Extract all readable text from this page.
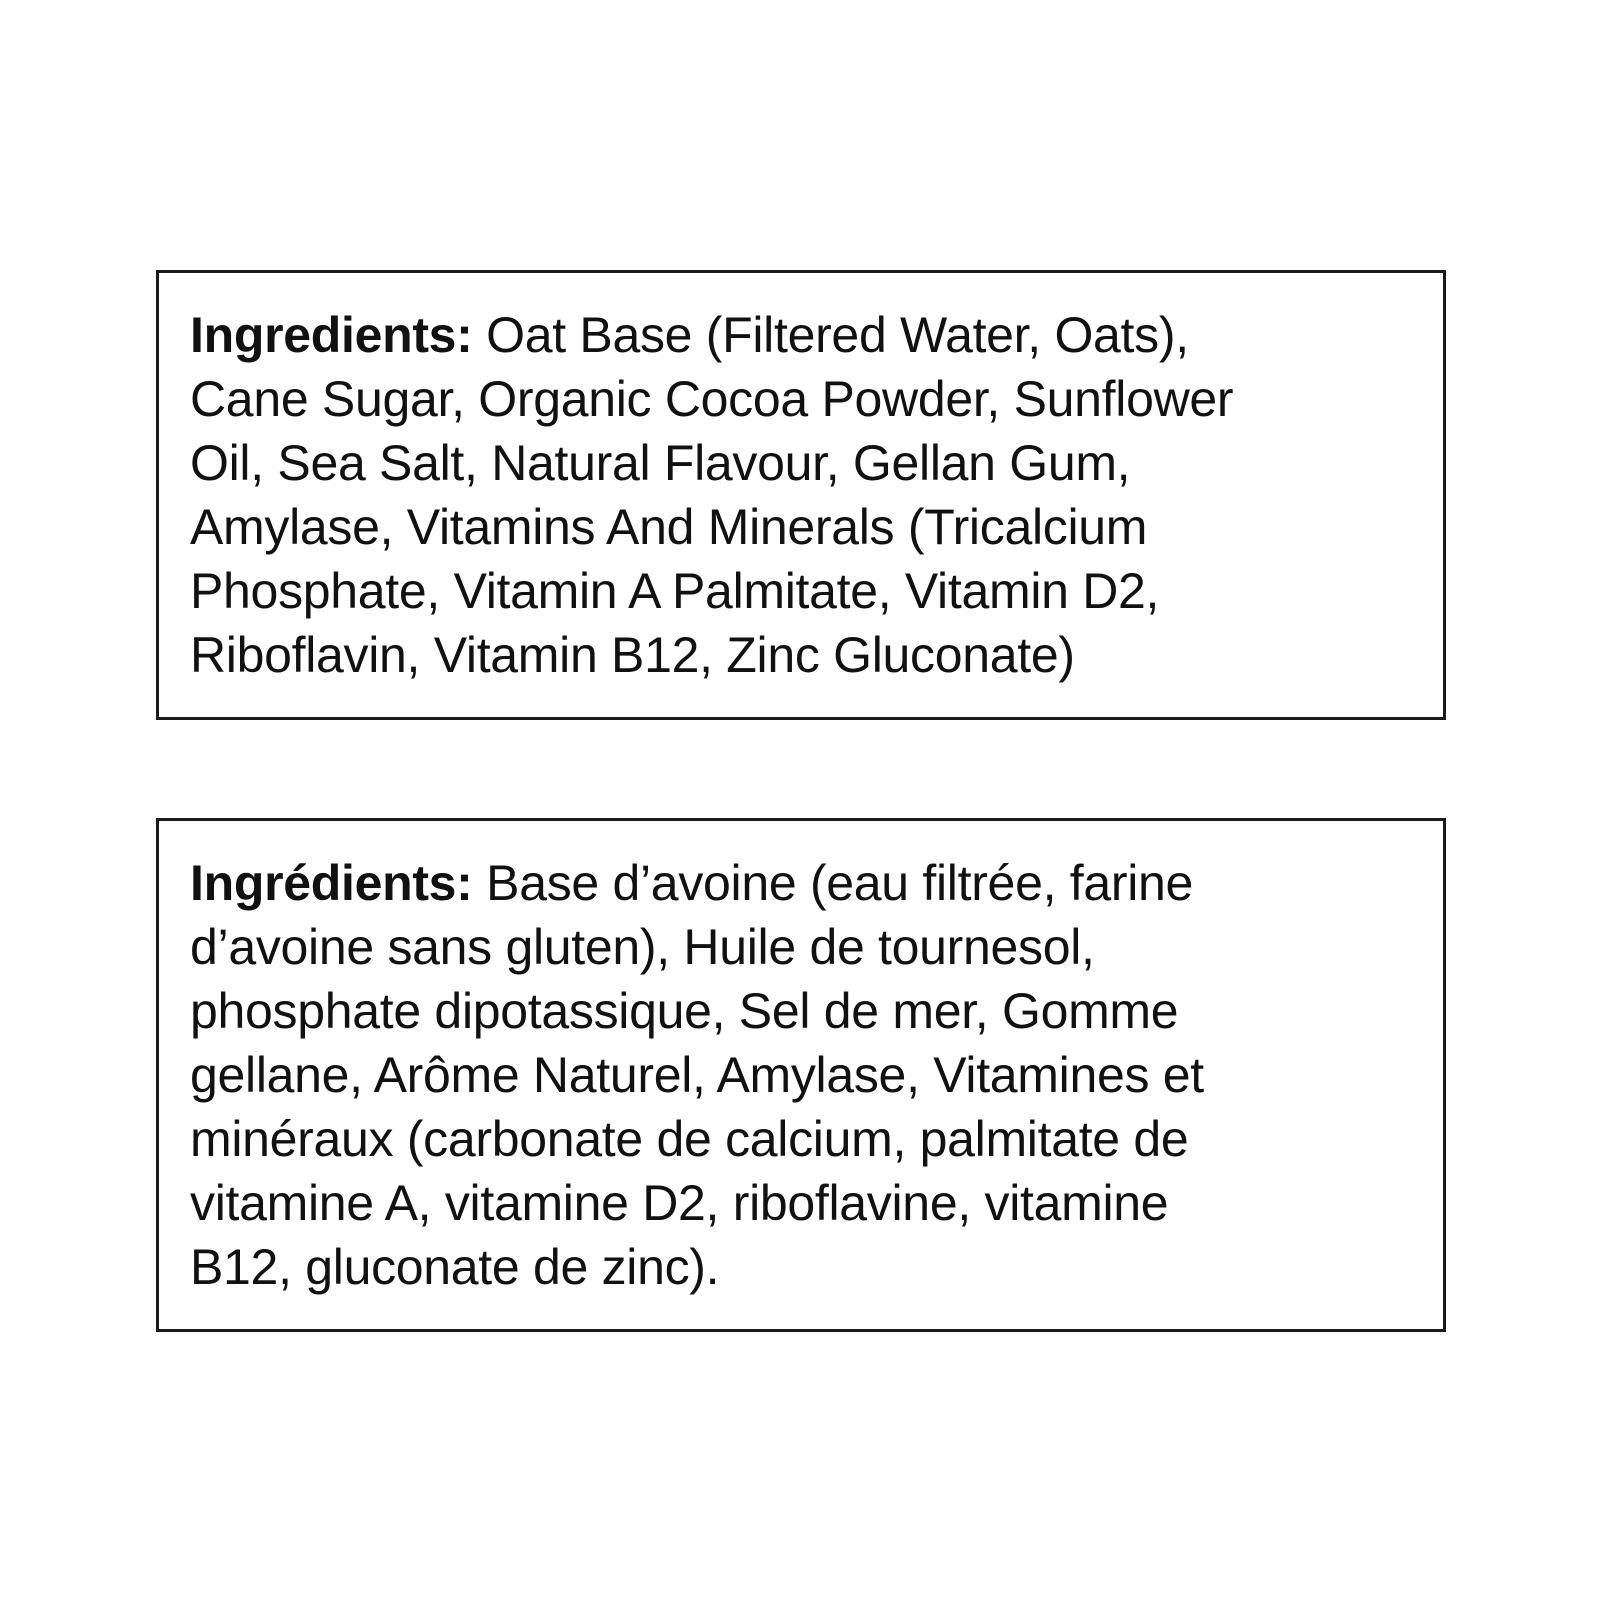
Ingredients: Oat Base (Filtered Water, Oats),
Cane Sugar, Organic Cocoa Powder, Sunflower
Oil, Sea Salt, Natural Flavour, Gellan Gum,
Amylase, Vitamins And Minerals (Tricalcium
Phosphate, Vitamin A Palmitate, Vitamin D2,
Riboflavin, Vitamin B12, Zinc Gluconate)

Ingrédients: Base d’avoine (eau filtrée, farine
d’avoine sans gluten), Huile de tournesol,
phosphate dipotassique, Sel de mer, Gomme
gellane, Arôme Naturel, Amylase, Vitamines et
minéraux (carbonate de calcium, palmitate de
vitamine A, vitamine D2, riboflavine, vitamine
B12, gluconate de zinc).
